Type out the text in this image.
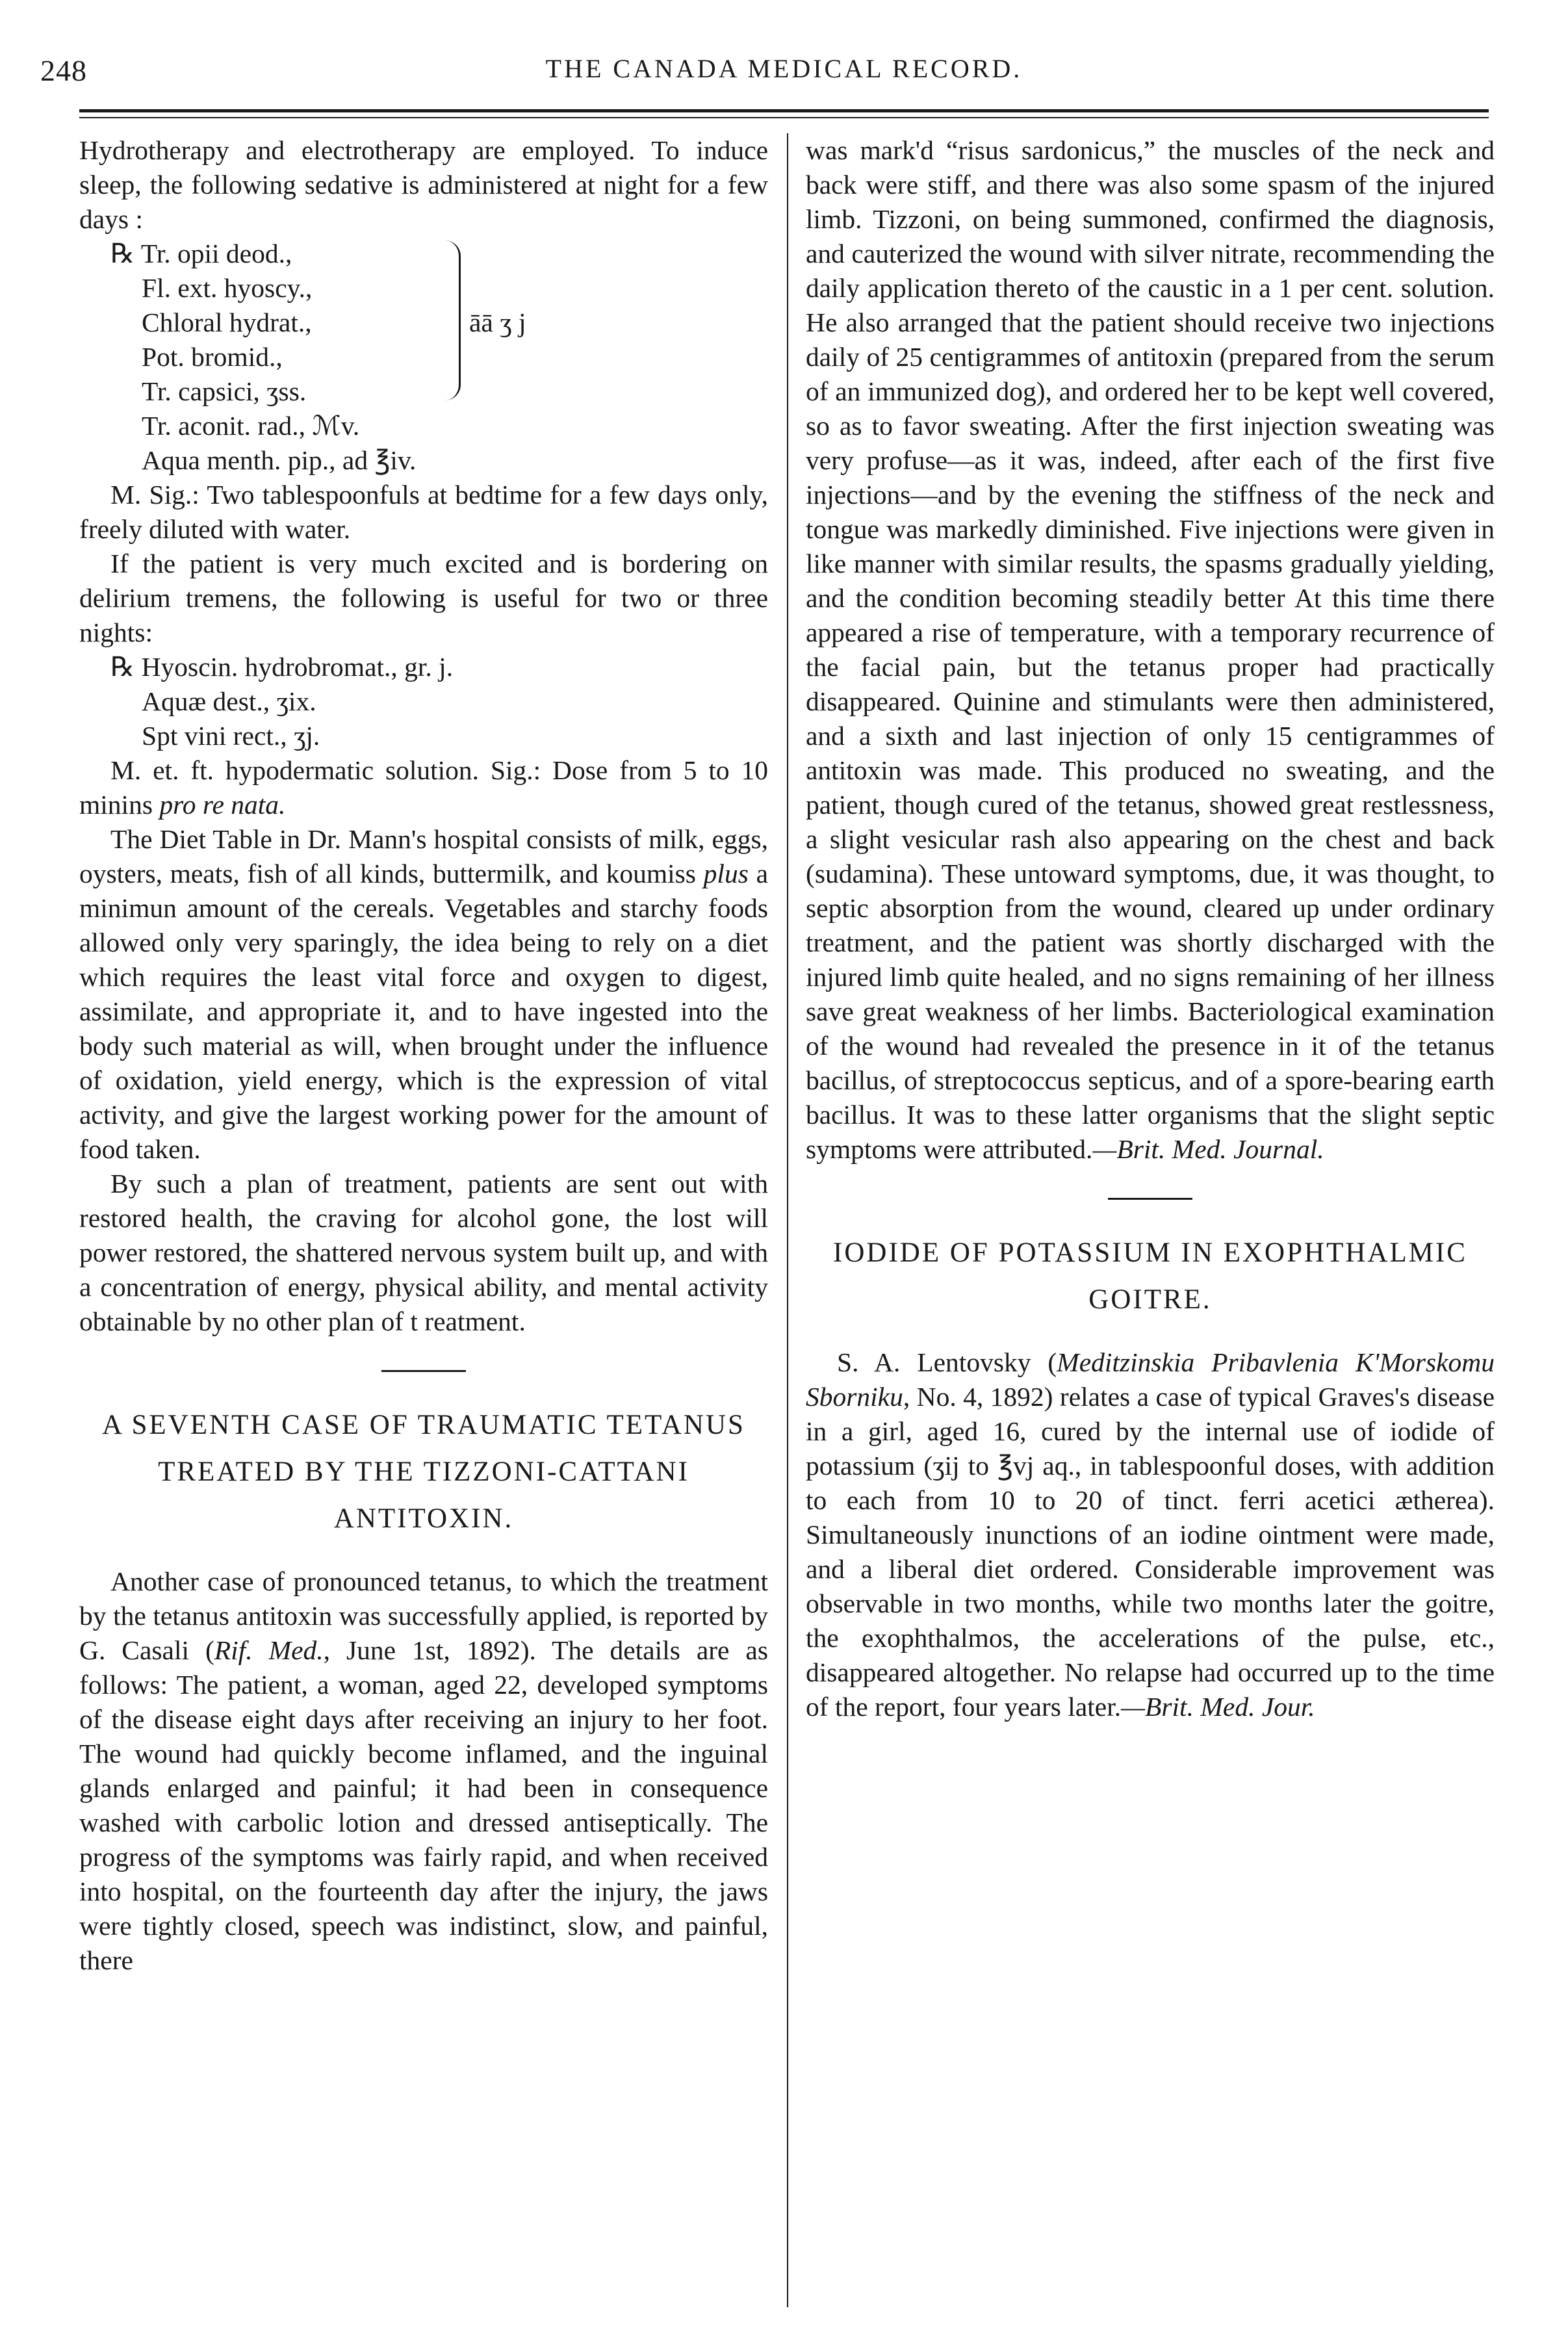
248	THE CANADA MEDICAL RECORD.

Hydrotherapy and electrotherapy are employed. To induce sleep, the following sedative is administered at night for a few days :

℞ Tr. opii deod.,
Fl. ext. hyoscy.,
Chloral hydrat.,
Pot. bromid.,
Tr. capsici, ʒss.
āā ʒ j
Tr. aconit. rad., ℳv.
Aqua menth. pip., ad ℥iv.

M. Sig.: Two tablespoonfuls at bedtime for a few days only, freely diluted with water.

If the patient is very much excited and is bordering on delirium tremens, the following is useful for two or three nights:

℞ Hyoscin. hydrobromat., gr. j.
Aquæ dest., ʒix.
Spt vini rect., ʒj.

M. et. ft. hypodermatic solution. Sig.: Dose from 5 to 10 minins pro re nata.

The Diet Table in Dr. Mann's hospital consists of milk, eggs, oysters, meats, fish of all kinds, buttermilk, and koumiss plus a minimun amount of the cereals. Vegetables and starchy foods allowed only very sparingly, the idea being to rely on a diet which requires the least vital force and oxygen to digest, assimilate, and appropriate it, and to have ingested into the body such material as will, when brought under the influence of oxidation, yield energy, which is the expression of vital activity, and give the largest working power for the amount of food taken.

By such a plan of treatment, patients are sent out with restored health, the craving for alcohol gone, the lost will power restored, the shattered nervous system built up, and with a concentration of energy, physical ability, and mental activity obtainable by no other plan of t reatment.

A SEVENTH CASE OF TRAUMATIC TETANUS TREATED BY THE TIZZONI-CATTANI ANTITOXIN.

Another case of pronounced tetanus, to which the treatment by the tetanus antitoxin was successfully applied, is reported by G. Casali (Rif. Med., June 1st, 1892). The details are as follows: The patient, a woman, aged 22, developed symptoms of the disease eight days after receiving an injury to her foot. The wound had quickly become inflamed, and the inguinal glands enlarged and painful; it had been in consequence washed with carbolic lotion and dressed antiseptically. The progress of the symptoms was fairly rapid, and when received into hospital, on the fourteenth day after the injury, the jaws were tightly closed, speech was indistinct, slow, and painful, there

was mark'd “risus sardonicus,” the muscles of the neck and back were stiff, and there was also some spasm of the injured limb. Tizzoni, on being summoned, confirmed the diagnosis, and cauterized the wound with silver nitrate, recommending the daily application thereto of the caustic in a 1 per cent. solution. He also arranged that the patient should receive two injections daily of 25 centigrammes of antitoxin (prepared from the serum of an immunized dog), and ordered her to be kept well covered, so as to favor sweating. After the first injection sweating was very profuse—as it was, indeed, after each of the first five injections—and by the evening the stiffness of the neck and tongue was markedly diminished. Five injections were given in like manner with similar results, the spasms gradually yielding, and the condition becoming steadily better At this time there appeared a rise of temperature, with a temporary recurrence of the facial pain, but the tetanus proper had practically disappeared. Quinine and stimulants were then administered, and a sixth and last injection of only 15 centigrammes of antitoxin was made. This produced no sweating, and the patient, though cured of the tetanus, showed great restlessness, a slight vesicular rash also appearing on the chest and back (sudamina). These untoward symptoms, due, it was thought, to septic absorption from the wound, cleared up under ordinary treatment, and the patient was shortly discharged with the injured limb quite healed, and no signs remaining of her illness save great weakness of her limbs. Bacteriological examination of the wound had revealed the presence in it of the tetanus bacillus, of streptococcus septicus, and of a spore-bearing earth bacillus. It was to these latter organisms that the slight septic symptoms were attributed.—Brit. Med. Journal.

IODIDE OF POTASSIUM IN EXOPHTHALMIC GOITRE.

S. A. Lentovsky (Meditzinskia Pribavlenia K'Morskomu Sborniku, No. 4, 1892) relates a case of typical Graves's disease in a girl, aged 16, cured by the internal use of iodide of potassium (ʒij to ℥vj aq., in tablespoonful doses, with addition to each from 10 to 20 of tinct. ferri acetici ætherea). Simultaneously inunctions of an iodine ointment were made, and a liberal diet ordered. Considerable improvement was observable in two months, while two months later the goitre, the exophthalmos, the accelerations of the pulse, etc., disappeared altogether. No relapse had occurred up to the time of the report, four years later.—Brit. Med. Jour.
